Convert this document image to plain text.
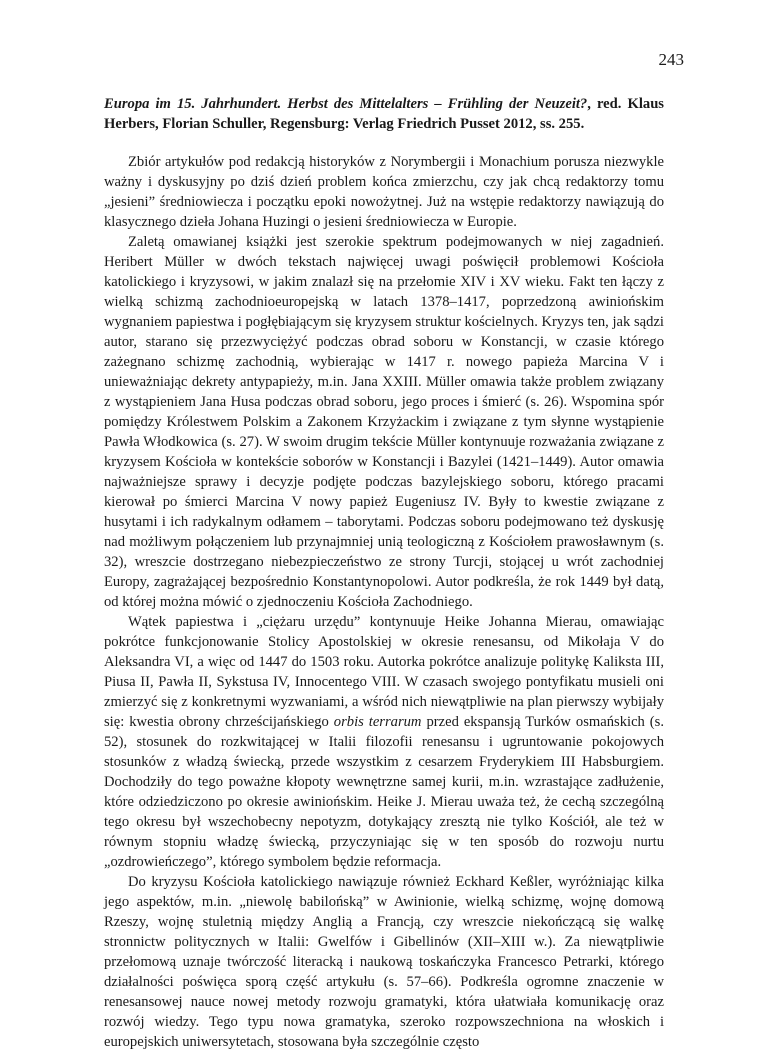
243
Europa im 15. Jahrhundert. Herbst des Mittelalters – Frühling der Neuzeit?, red. Klaus Herbers, Florian Schuller, Regensburg: Verlag Friedrich Pusset 2012, ss. 255.

Zbiór artykułów pod redakcją historyków z Norymbergii i Monachium porusza niezwykle ważny i dyskusyjny po dziś dzień problem końca zmierzchu, czy jak chcą redaktorzy tomu „jesieni” średniowiecza i początku epoki nowożytnej. Już na wstępie redaktorzy nawiązują do klasycznego dzieła Johana Huzingi o jesieni średniowiecza w Europie.

Zaletą omawianej książki jest szerokie spektrum podejmowanych w niej zagadnień. Heribert Müller w dwóch tekstach najwięcej uwagi poświęcił problemowi Kościoła katolickiego i kryzysowi, w jakim znalazł się na przełomie XIV i XV wieku. Fakt ten łączy z wielką schizmą zachodnioeuropejską w latach 1378–1417, poprzedzoną awiniońskim wygnaniem papiestwa i pogłębiającym się kryzysem struktur kościelnych. Kryzys ten, jak sądzi autor, starano się przezwyciężyć podczas obrad soboru w Konstancji, w czasie którego zażegnano schizmę zachodnią, wybierając w 1417 r. nowego papieża Marcina V i unieważniając dekrety antypapieży, m.in. Jana XXIII. Müller omawia także problem związany z wystąpieniem Jana Husa podczas obrad soboru, jego proces i śmierć (s. 26). Wspomina spór pomiędzy Królestwem Polskim a Zakonem Krzyżackim i związane z tym słynne wystąpienie Pawła Włodkowica (s. 27). W swoim drugim tekście Müller kontynuuje rozważania związane z kryzysem Kościoła w kontekście soborów w Konstancji i Bazylei (1421–1449). Autor omawia najważniejsze sprawy i decyzje podjęte podczas bazylejskiego soboru, którego pracami kierował po śmierci Marcina V nowy papież Eugeniusz IV. Były to kwestie związane z husytami i ich radykalnym odłamem – taborytami. Podczas soboru podejmowano też dyskusję nad możliwym połączeniem lub przynajmniej unią teologiczną z Kościołem prawosławnym (s. 32), wreszcie dostrzegano niebezpieczeństwo ze strony Turcji, stojącej u wrót zachodniej Europy, zagrażającej bezpośrednio Konstantynopolowi. Autor podkreśla, że rok 1449 był datą, od której można mówić o zjednoczeniu Kościoła Zachodniego.

Wątek papiestwa i „ciężaru urzędu” kontynuuje Heike Johanna Mierau, omawiając pokrótce funkcjonowanie Stolicy Apostolskiej w okresie renesansu, od Mikołaja V do Aleksandra VI, a więc od 1447 do 1503 roku. Autorka pokrótce analizuje politykę Kaliksta III, Piusa II, Pawła II, Sykstusa IV, Innocentego VIII. W czasach swojego pontyfikatu musieli oni zmierzyć się z konkretnymi wyzwaniami, a wśród nich niewątpliwie na plan pierwszy wybijały się: kwestia obrony chrześcijańskiego orbis terrarum przed ekspansją Turków osmańskich (s. 52), stosunek do rozkwitającej w Italii filozofii renesansu i ugruntowanie pokojowych stosunków z władzą świecką, przede wszystkim z cesarzem Fryderykiem III Habsburgiem. Dochodziły do tego poważne kłopoty wewnętrzne samej kurii, m.in. wzrastające zadłużenie, które odziedziczono po okresie awiniońskim. Heike J. Mierau uważa też, że cechą szczególną tego okresu był wszechobecny nepotyzm, dotykający zresztą nie tylko Kościół, ale też w równym stopniu władzę świecką, przyczyniając się w ten sposób do rozwoju nurtu „ozdrowieńczego”, którego symbolem będzie reformacja.

Do kryzysu Kościoła katolickiego nawiązuje również Eckhard Keßler, wyróżniając kilka jego aspektów, m.in. „niewolę babilońską” w Awinionie, wielką schizmę, wojnę domową Rzeszy, wojnę stuletnią między Anglią a Francją, czy wreszcie niekończącą się walkę stronnictw politycznych w Italii: Gwelfów i Gibellinów (XII–XIII w.). Za niewątpliwie przełomową uznaje twórczość literacką i naukową toskańczyka Francesco Petrarki, którego działalności poświęca sporą część artykułu (s. 57–66). Podkreśla ogromne znaczenie w renesansowej nauce nowej metody rozwoju gramatyki, która ułatwiała komunikację oraz rozwój wiedzy. Tego typu nowa gramatyka, szeroko rozpowszechniona na włoskich i europejskich uniwersytetach, stosowana była szczególnie często
